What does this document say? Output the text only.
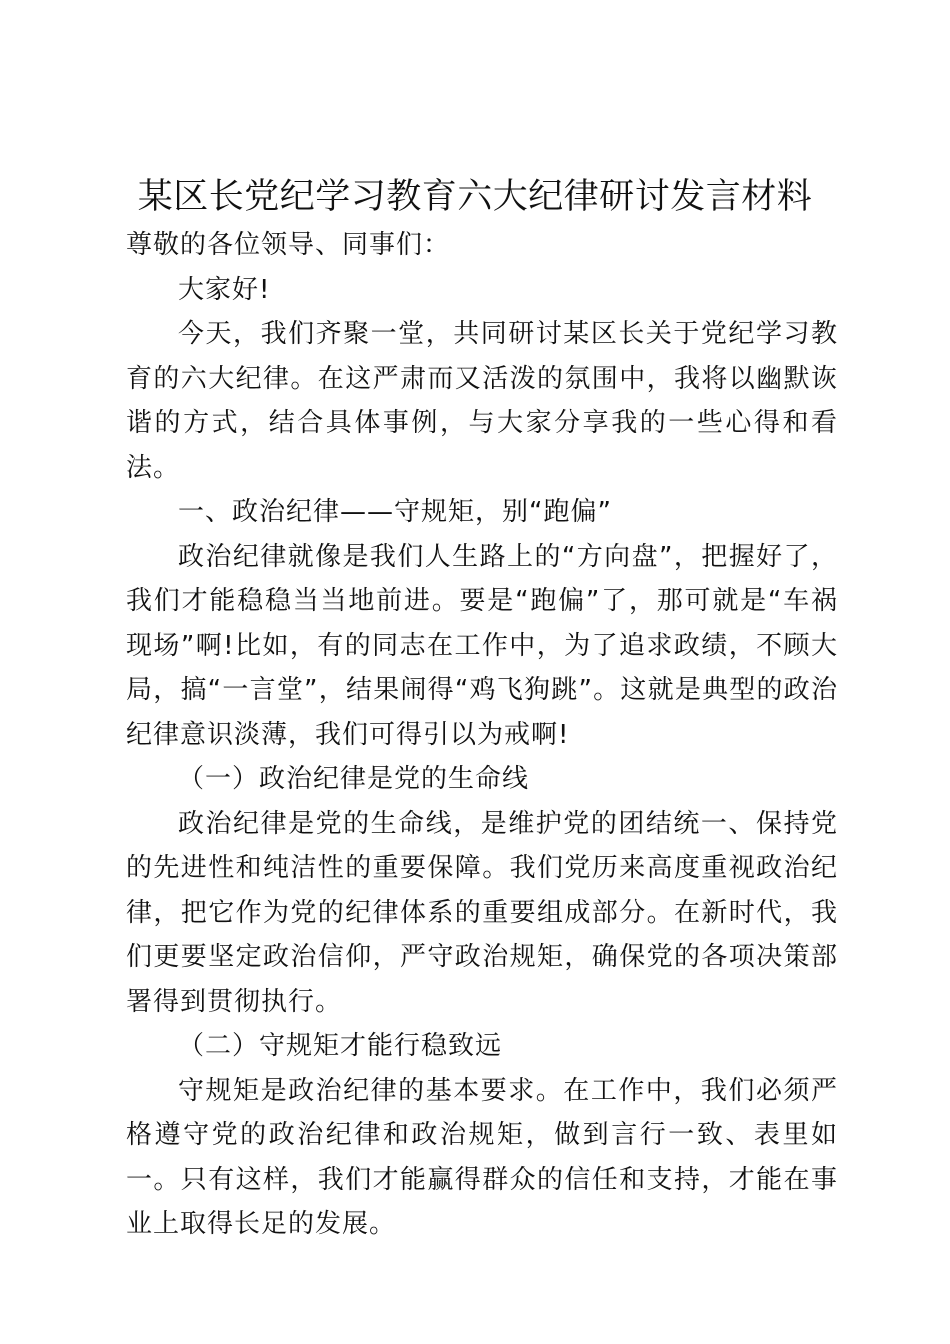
某区长党纪学习教育六大纪律研讨发言材料

尊敬的各位领导、同事们：

大家好!

今天，我们齐聚一堂，共同研讨某区长关于党纪学习教育的六大纪律。在这严肃而又活泼的氛围中，我将以幽默诙谐的方式，结合具体事例，与大家分享我的一些心得和看法。

一、政治纪律——守规矩，别“跑偏”

政治纪律就像是我们人生路上的“方向盘”，把握好了，我们才能稳稳当当地前进。要是“跑偏”了，那可就是“车祸现场”啊!比如，有的同志在工作中，为了追求政绩，不顾大局，搞“一言堂”，结果闹得“鸡飞狗跳”。这就是典型的政治纪律意识淡薄，我们可得引以为戒啊!

（一）政治纪律是党的生命线

政治纪律是党的生命线，是维护党的团结统一、保持党的先进性和纯洁性的重要保障。我们党历来高度重视政治纪律，把它作为党的纪律体系的重要组成部分。在新时代，我们更要坚定政治信仰，严守政治规矩，确保党的各项决策部署得到贯彻执行。

（二）守规矩才能行稳致远

守规矩是政治纪律的基本要求。在工作中，我们必须严格遵守党的政治纪律和政治规矩，做到言行一致、表里如一。只有这样，我们才能赢得群众的信任和支持，才能在事业上取得长足的发展。
